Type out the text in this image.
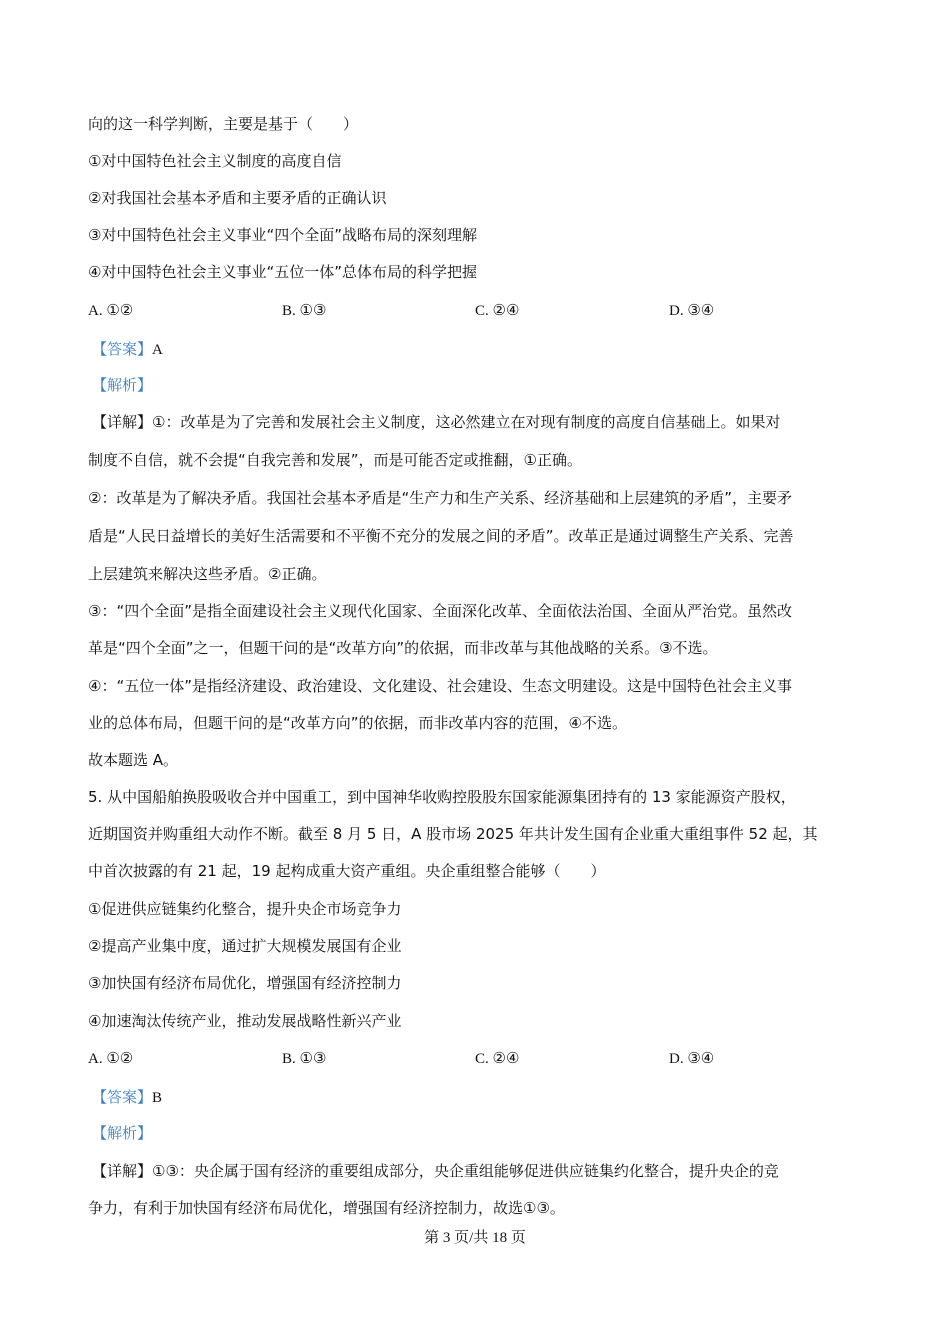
向的这一科学判断，主要是基于（　　）
①对中国特色社会主义制度的高度自信
②对我国社会基本矛盾和主要矛盾的正确认识
③对中国特色社会主义事业“四个全面”战略布局的深刻理解
④对中国特色社会主义事业“五位一体”总体布局的科学把握
A. ①②	B. ①③	C. ②④	D. ③④
【答案】A
【解析】
【详解】①：改革是为了完善和发展社会主义制度，这必然建立在对现有制度的高度自信基础上。如果对
制度不自信，就不会提“自我完善和发展”，而是可能否定或推翻，①正确。
②：改革是为了解决矛盾。我国社会基本矛盾是“生产力和生产关系、经济基础和上层建筑的矛盾”，主要矛
盾是“人民日益增长的美好生活需要和不平衡不充分的发展之间的矛盾”。改革正是通过调整生产关系、完善
上层建筑来解决这些矛盾。②正确。
③：“四个全面”是指全面建设社会主义现代化国家、全面深化改革、全面依法治国、全面从严治党。虽然改
革是“四个全面”之一，但题干问的是“改革方向”的依据，而非改革与其他战略的关系。③不选。
④：“五位一体”是指经济建设、政治建设、文化建设、社会建设、生态文明建设。这是中国特色社会主义事
业的总体布局，但题干问的是“改革方向”的依据，而非改革内容的范围，④不选。
故本题选 A。
5. 从中国船舶换股吸收合并中国重工，到中国神华收购控股股东国家能源集团持有的 13 家能源资产股权，
近期国资并购重组大动作不断。截至 8 月 5 日，A 股市场 2025 年共计发生国有企业重大重组事件 52 起，其
中首次披露的有 21 起，19 起构成重大资产重组。央企重组整合能够（　　）
①促进供应链集约化整合，提升央企市场竞争力
②提高产业集中度，通过扩大规模发展国有企业
③加快国有经济布局优化，增强国有经济控制力
④加速淘汰传统产业，推动发展战略性新兴产业
A. ①②	B. ①③	C. ②④	D. ③④
【答案】B
【解析】
【详解】①③：央企属于国有经济的重要组成部分，央企重组能够促进供应链集约化整合，提升央企的竞
争力，有利于加快国有经济布局优化，增强国有经济控制力，故选①③。
第 3 页/共 18 页
